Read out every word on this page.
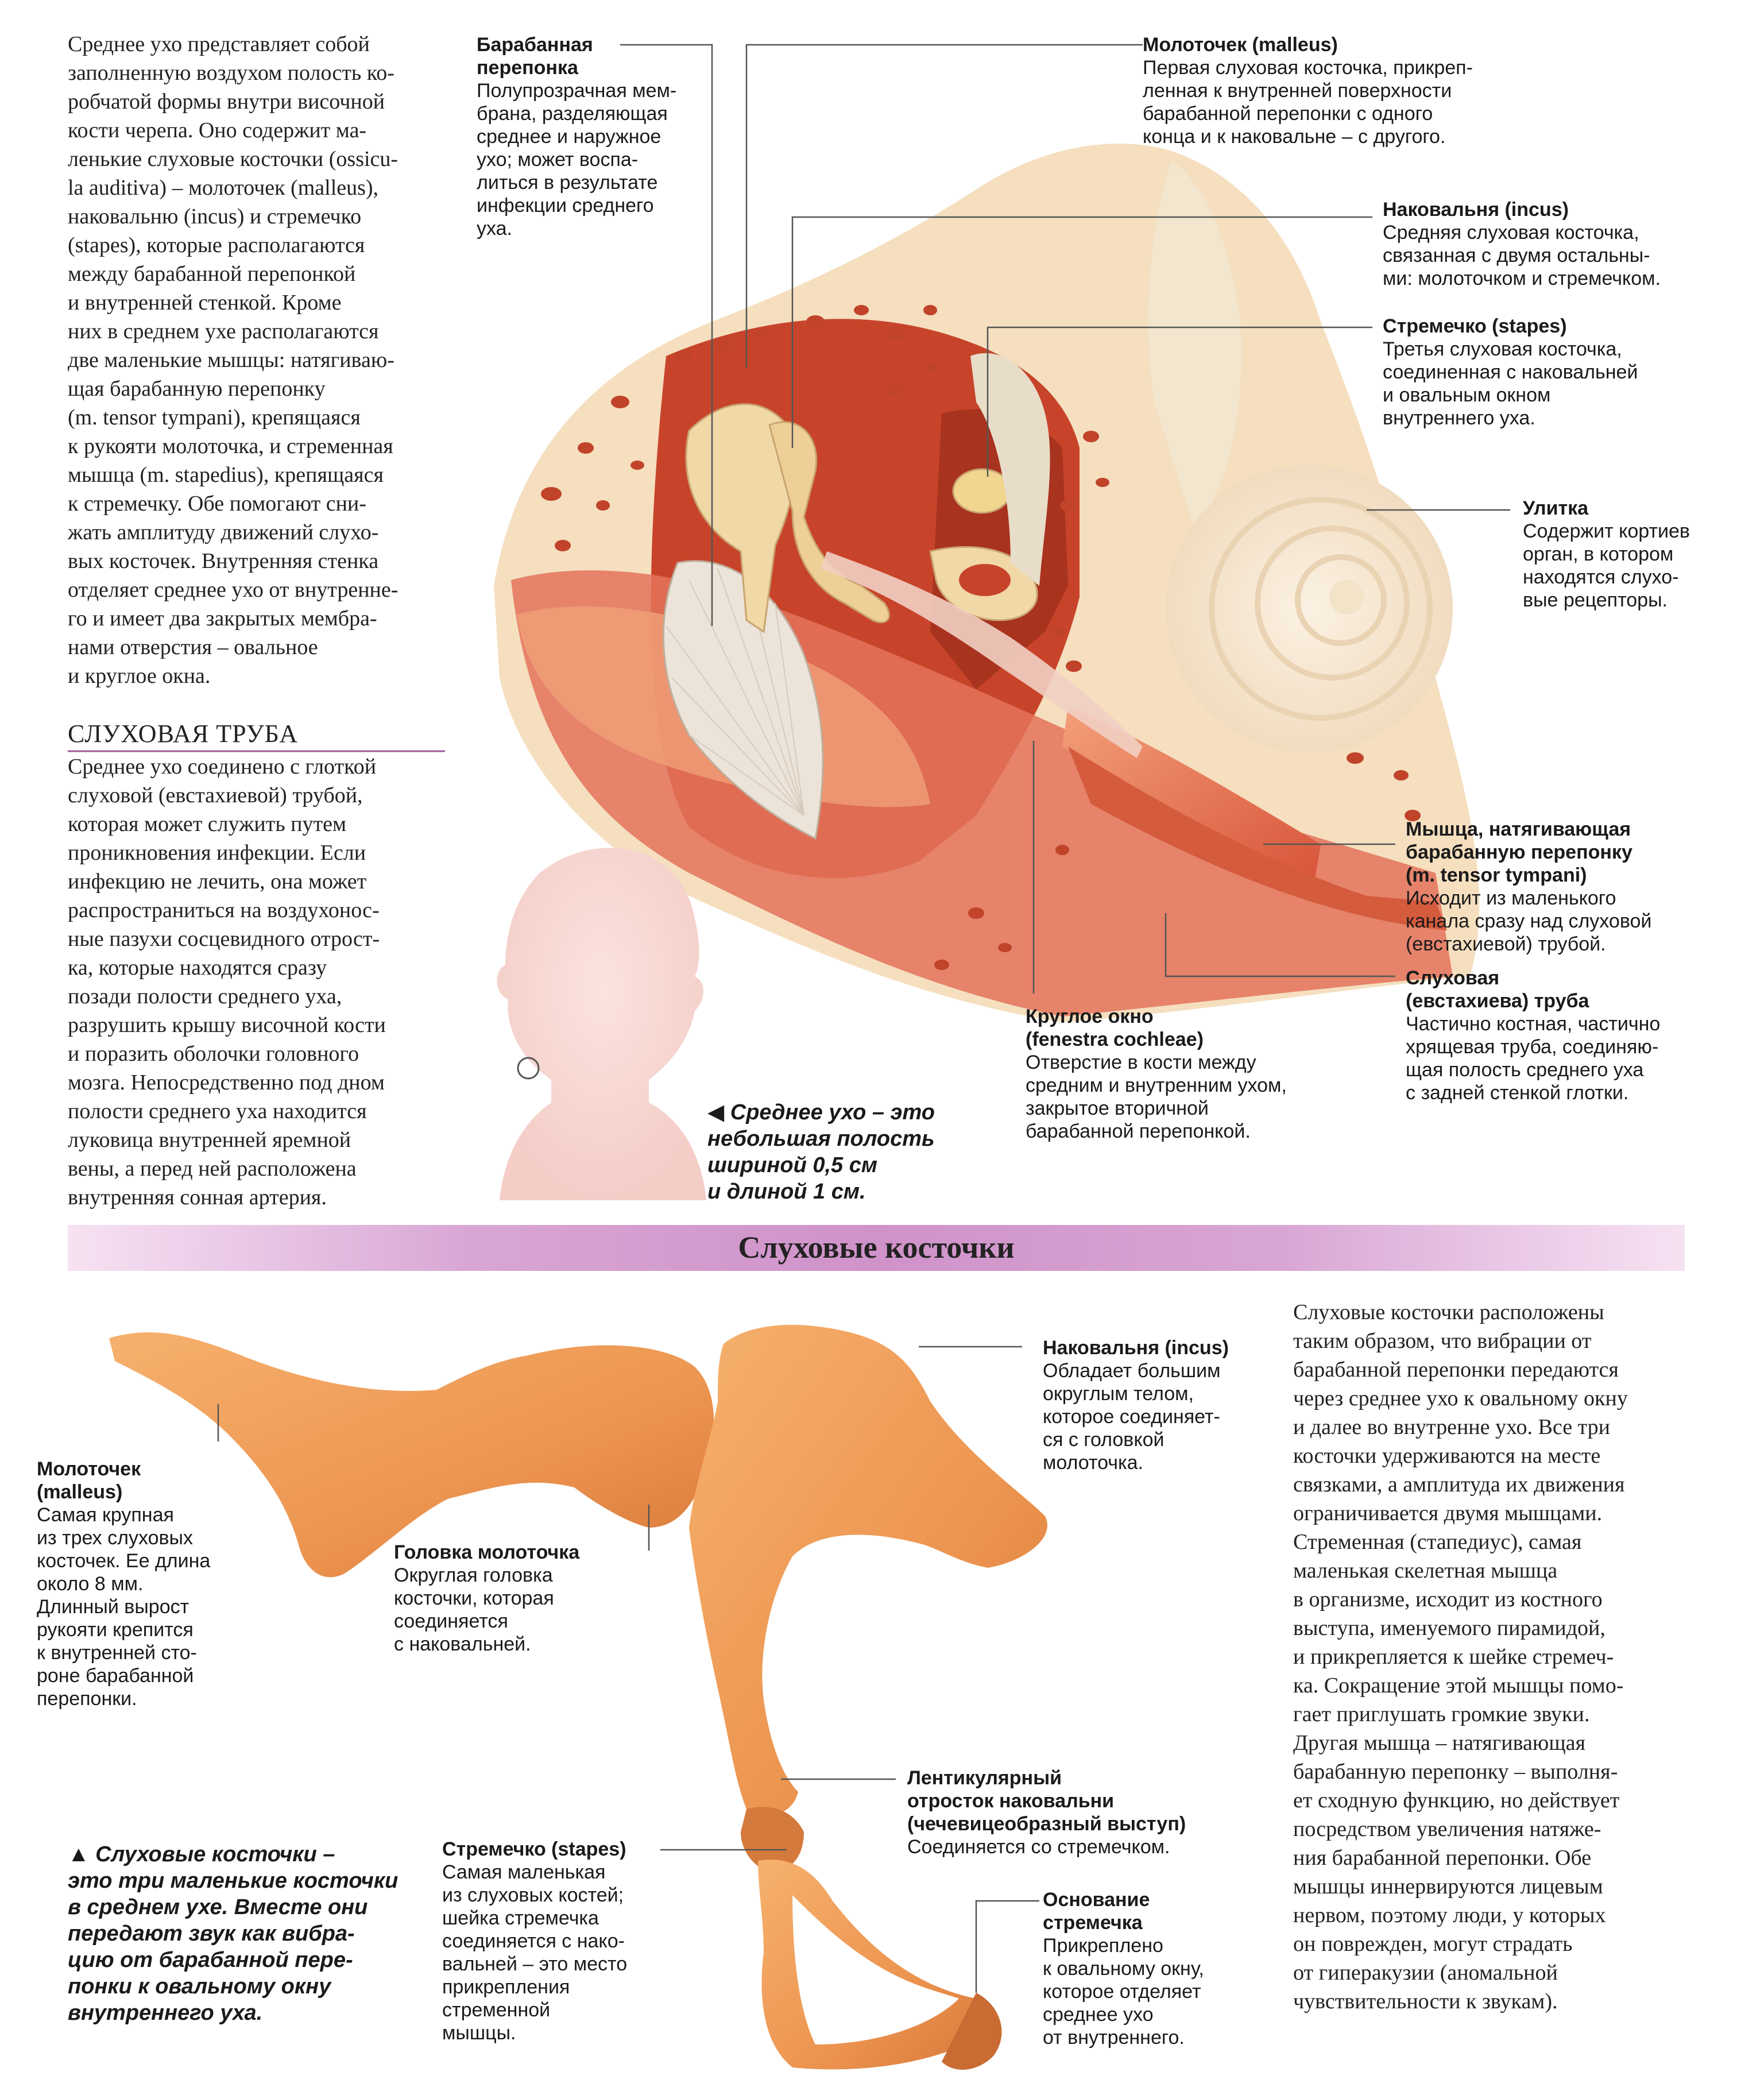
Среднее ухо представляет собой
заполненную воздухом полость ко-
робчатой формы внутри височной
кости черепа. Оно содержит ма-
ленькие слуховые косточки (ossicu-
la auditiva) – молоточек (malleus),
наковальню (incus) и стремечко
(stapes), которые располагаются
между барабанной перепонкой
и внутренней стенкой. Кроме
них в среднем ухе располагаются
две маленькие мышцы: натягиваю-
щая барабанную перепонку
(m. tensor tympani), крепящаяся
к рукояти молоточка, и стременная
мышца (m. stapedius), крепящаяся
к стремечку. Обе помогают сни-
жать амплитуду движений слухо-
вых косточек. Внутренняя стенка
отделяет среднее ухо от внутренне-
го и имеет два закрытых мембра-
нами отверстия – овальное
и круглое окна.
СЛУХОВАЯ ТРУБА
Среднее ухо соединено с глоткой
слуховой (евстахиевой) трубой,
которая может служить путем
проникновения инфекции. Если
инфекцию не лечить, она может
распространиться на воздухонос-
ные пазухи сосцевидного отрост-
ка, которые находятся сразу
позади полости среднего уха,
разрушить крышу височной кости
и поразить оболочки головного
мозга. Непосредственно под дном
полости среднего уха находится
луковица внутренней яремной
вены, а перед ней расположена
внутренняя сонная артерия.
Барабанная
перепонка
Полупрозрачная мем-
брана, разделяющая
среднее и наружное
ухо; может воспа-
литься в результате
инфекции среднего
уха.
Молоточек (malleus)
Первая слуховая косточка, прикреп-
ленная к внутренней поверхности
барабанной перепонки с одного
конца и к наковальне – с другого.
Наковальня (incus)
Средняя слуховая косточка,
связанная с двумя остальны-
ми: молоточком и стремечком.
Стремечко (stapes)
Третья слуховая косточка,
соединенная с наковальней
и овальным окном
внутреннего уха.
Улитка
Содержит кортиев
орган, в котором
находятся слухо-
вые рецепторы.
Мышца, натягивающая
барабанную перепонку
(m. tensor tympani)
Исходит из маленького
канала сразу над слуховой
(евстахиевой) трубой.
Слуховая
(евстахиева) труба
Частично костная, частично
хрящевая труба, соединяю-
щая полость среднего уха
с задней стенкой глотки.
Круглое окно
(fenestra cochleae)
Отверстие в кости между
средним и внутренним ухом,
закрытое вторичной
барабанной перепонкой.
◀ Среднее ухо – это
небольшая полость
шириной 0,5 см
и длиной 1 см.
Слуховые косточки
Молоточек
(malleus)
Самая крупная
из трех слуховых
косточек. Ее длина
около 8 мм.
Длинный вырост
рукояти крепится
к внутренней сто-
роне барабанной
перепонки.
Головка молоточка
Округлая головка
косточки, которая
соединяется
с наковальней.
Наковальня (incus)
Обладает большим
округлым телом,
которое соединяет-
ся с головкой
молоточка.
Лентикулярный
отросток наковальни
(чечевицеобразный выступ)
Соединяется со стремечком.
Стремечко (stapes)
Самая маленькая
из слуховых костей;
шейка стремечка
соединяется с нако-
вальней – это место
прикрепления
стременной
мышцы.
Основание
стремечка
Прикреплено
к овальному окну,
которое отделяет
среднее ухо
от внутреннего.
▲ Слуховые косточки –
это три маленькие косточки
в среднем ухе. Вместе они
передают звук как вибра-
цию от барабанной пере-
понки к овальному окну
внутреннего уха.
Слуховые косточки расположены
таким образом, что вибрации от
барабанной перепонки передаются
через среднее ухо к овальному окну
и далее во внутренне ухо. Все три
косточки удерживаются на месте
связками, а амплитуда их движения
ограничивается двумя мышцами.
Стременная (стапедиус), самая
маленькая скелетная мышца
в организме, исходит из костного
выступа, именуемого пирамидой,
и прикрепляется к шейке стремеч-
ка. Сокращение этой мышцы помо-
гает приглушать громкие звуки.
Другая мышца – натягивающая
барабанную перепонку – выполня-
ет сходную функцию, но действует
посредством увеличения натяже-
ния барабанной перепонки. Обе
мышцы иннервируются лицевым
нервом, поэтому люди, у которых
он поврежден, могут страдать
от гиперакузии (аномальной
чувствительности к звукам).
